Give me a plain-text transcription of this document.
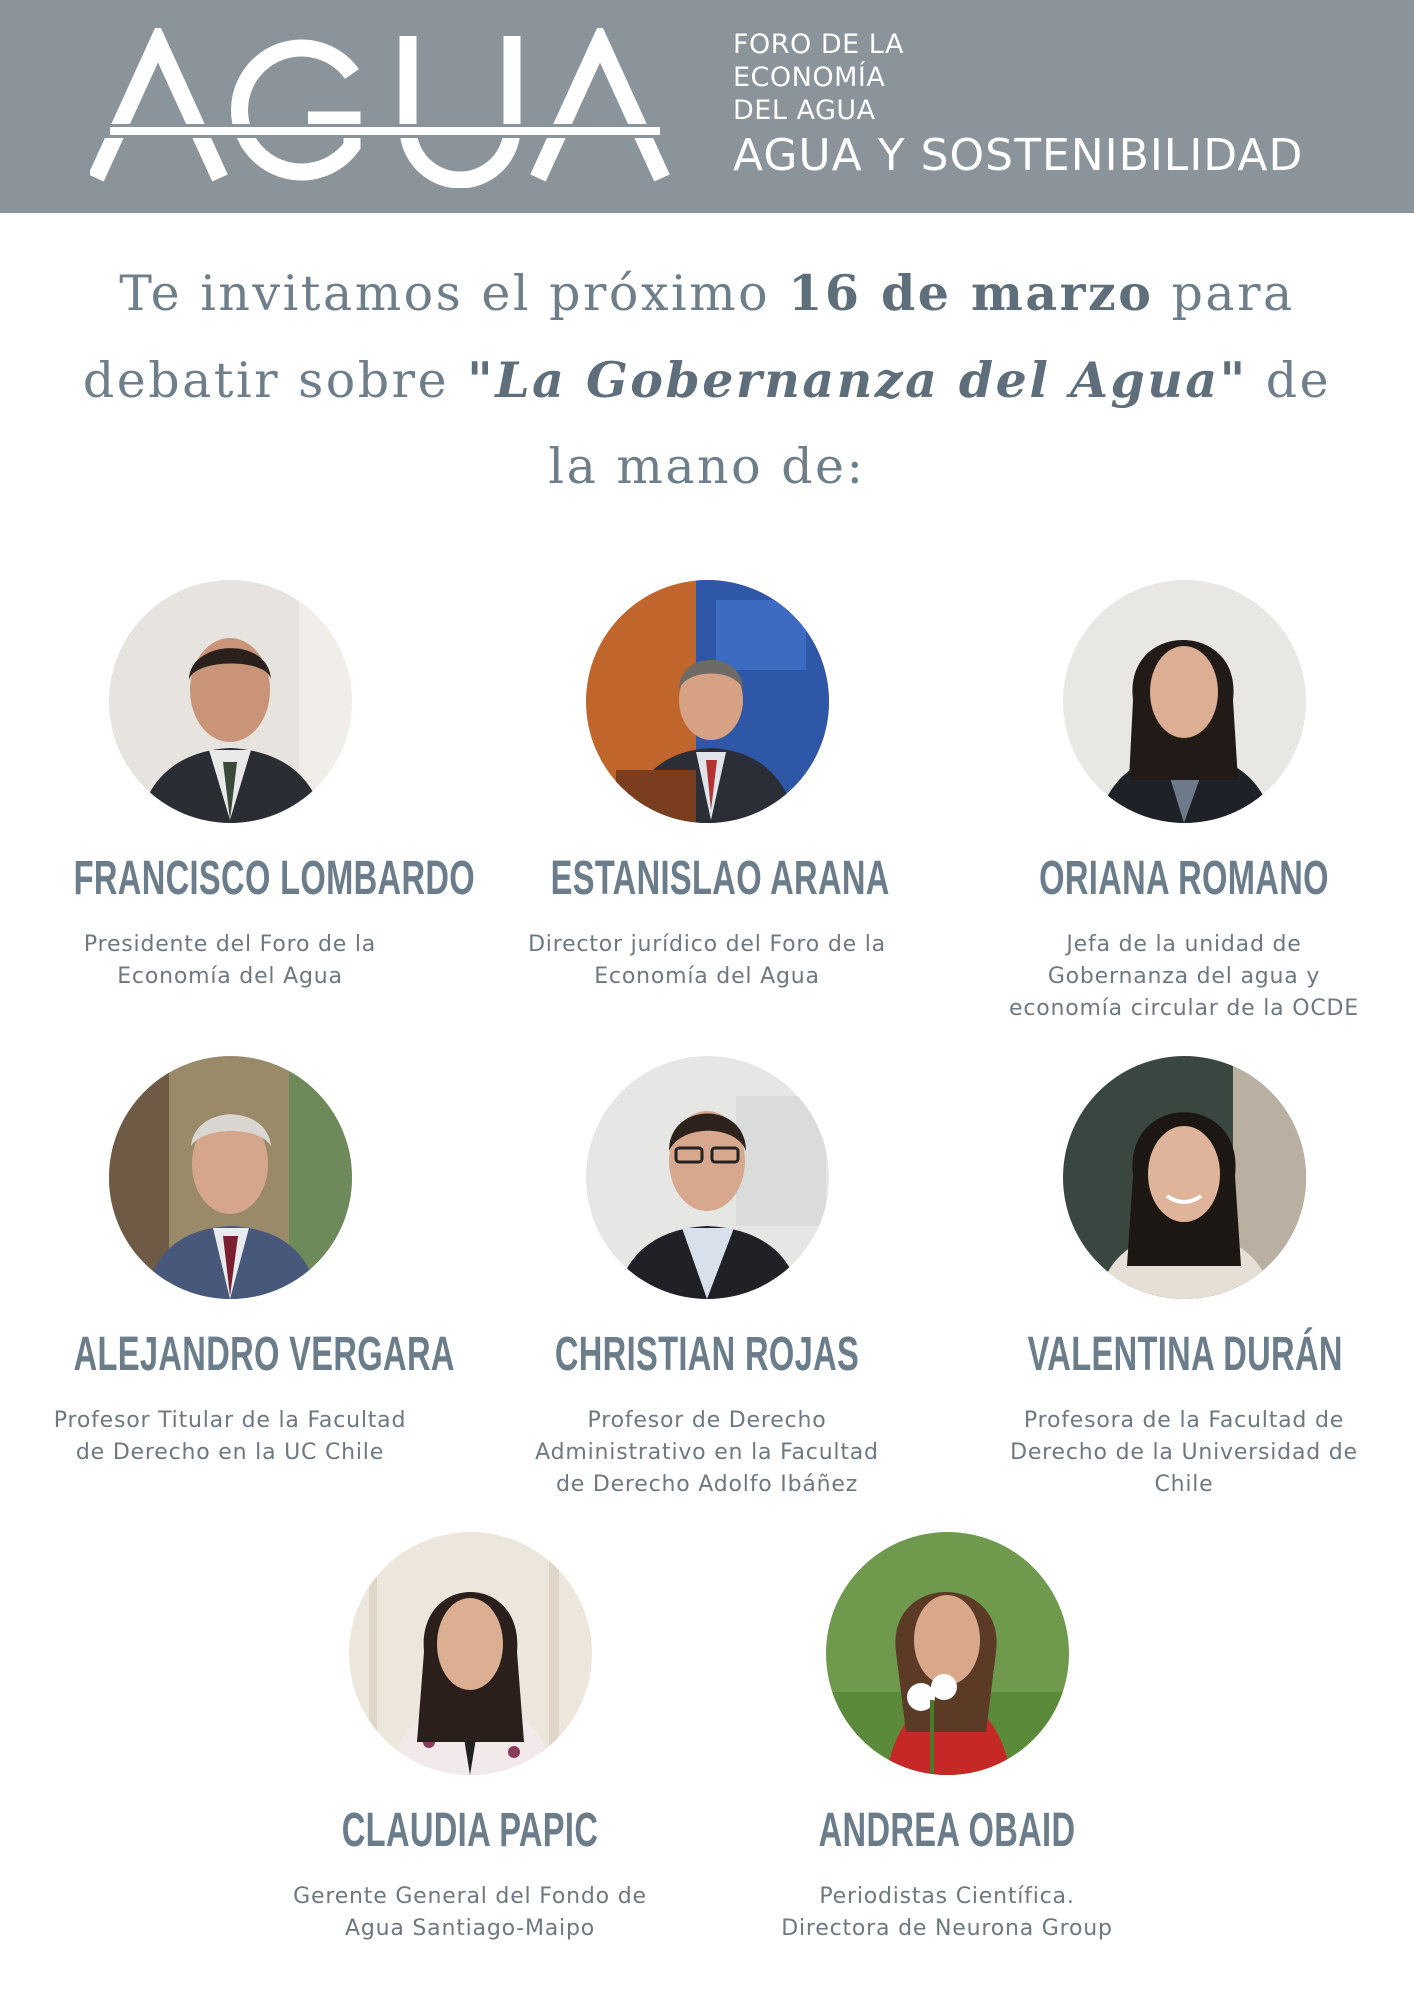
FORO DE LA
ECONOMÍA
DEL AGUA
AGUA Y SOSTENIBILIDAD
Te invitamos el próximo 16 de marzo para debatir sobre "La Gobernanza del Agua" de la mano de:
FRANCISCO LOMBARDO
Presidente del Foro de la Economía del Agua
ESTANISLAO ARANA
Director jurídico del Foro de la Economía del Agua
ORIANA ROMANO
Jefa de la unidad de Gobernanza del agua y economía circular de la OCDE
ALEJANDRO VERGARA
Profesor Titular de la Facultad de Derecho en la UC Chile
CHRISTIAN ROJAS
Profesor de Derecho Administrativo en la Facultad de Derecho Adolfo Ibáñez
VALENTINA DURÁN
Profesora de la Facultad de Derecho de la Universidad de Chile
CLAUDIA PAPIC
Gerente General del Fondo de Agua Santiago-Maipo
ANDREA OBAID
Periodistas Científica. Directora de Neurona Group
